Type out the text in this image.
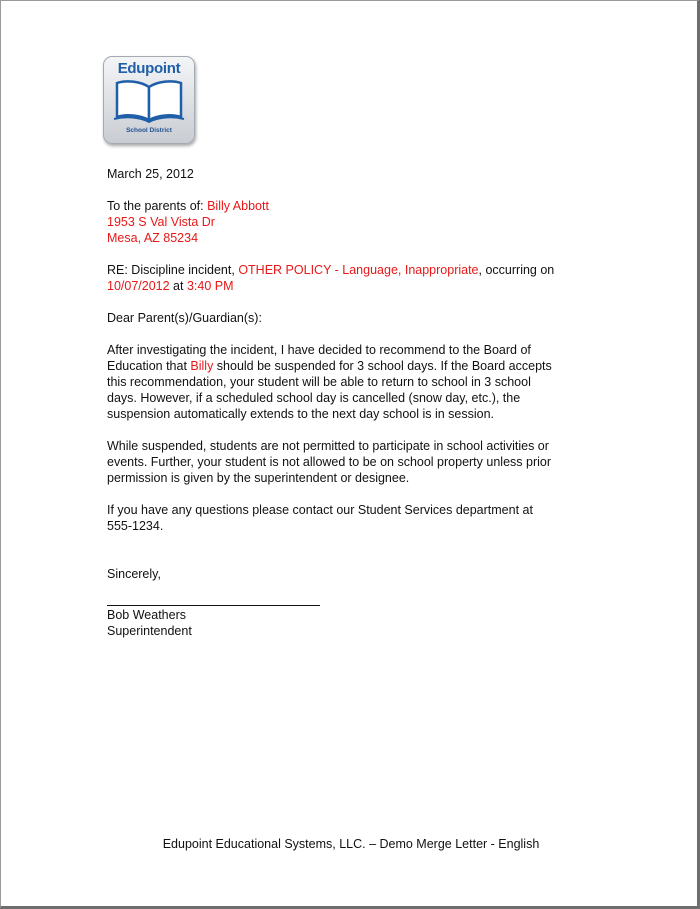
Edupoint
School District

March 25, 2012

To the parents of: Billy Abbott

1953 S Val Vista Dr

Mesa, AZ 85234

RE: Discipline incident, OTHER POLICY - Language, Inappropriate, occurring on

10/07/2012 at 3:40 PM

Dear Parent(s)/Guardian(s):

After investigating the incident, I have decided to recommend to the Board of

Education that Billy should be suspended for 3 school days. If the Board accepts

this recommendation, your student will be able to return to school in 3 school

days. However, if a scheduled school day is cancelled (snow day, etc.), the

suspension automatically extends to the next day school is in session.

While suspended, students are not permitted to participate in school activities or

events. Further, your student is not allowed to be on school property unless prior

permission is given by the superintendent or designee.

If you have any questions please contact our Student Services department at

555-1234.

Sincerely,

Bob Weathers

Superintendent

Edupoint Educational Systems, LLC. – Demo Merge Letter - English
